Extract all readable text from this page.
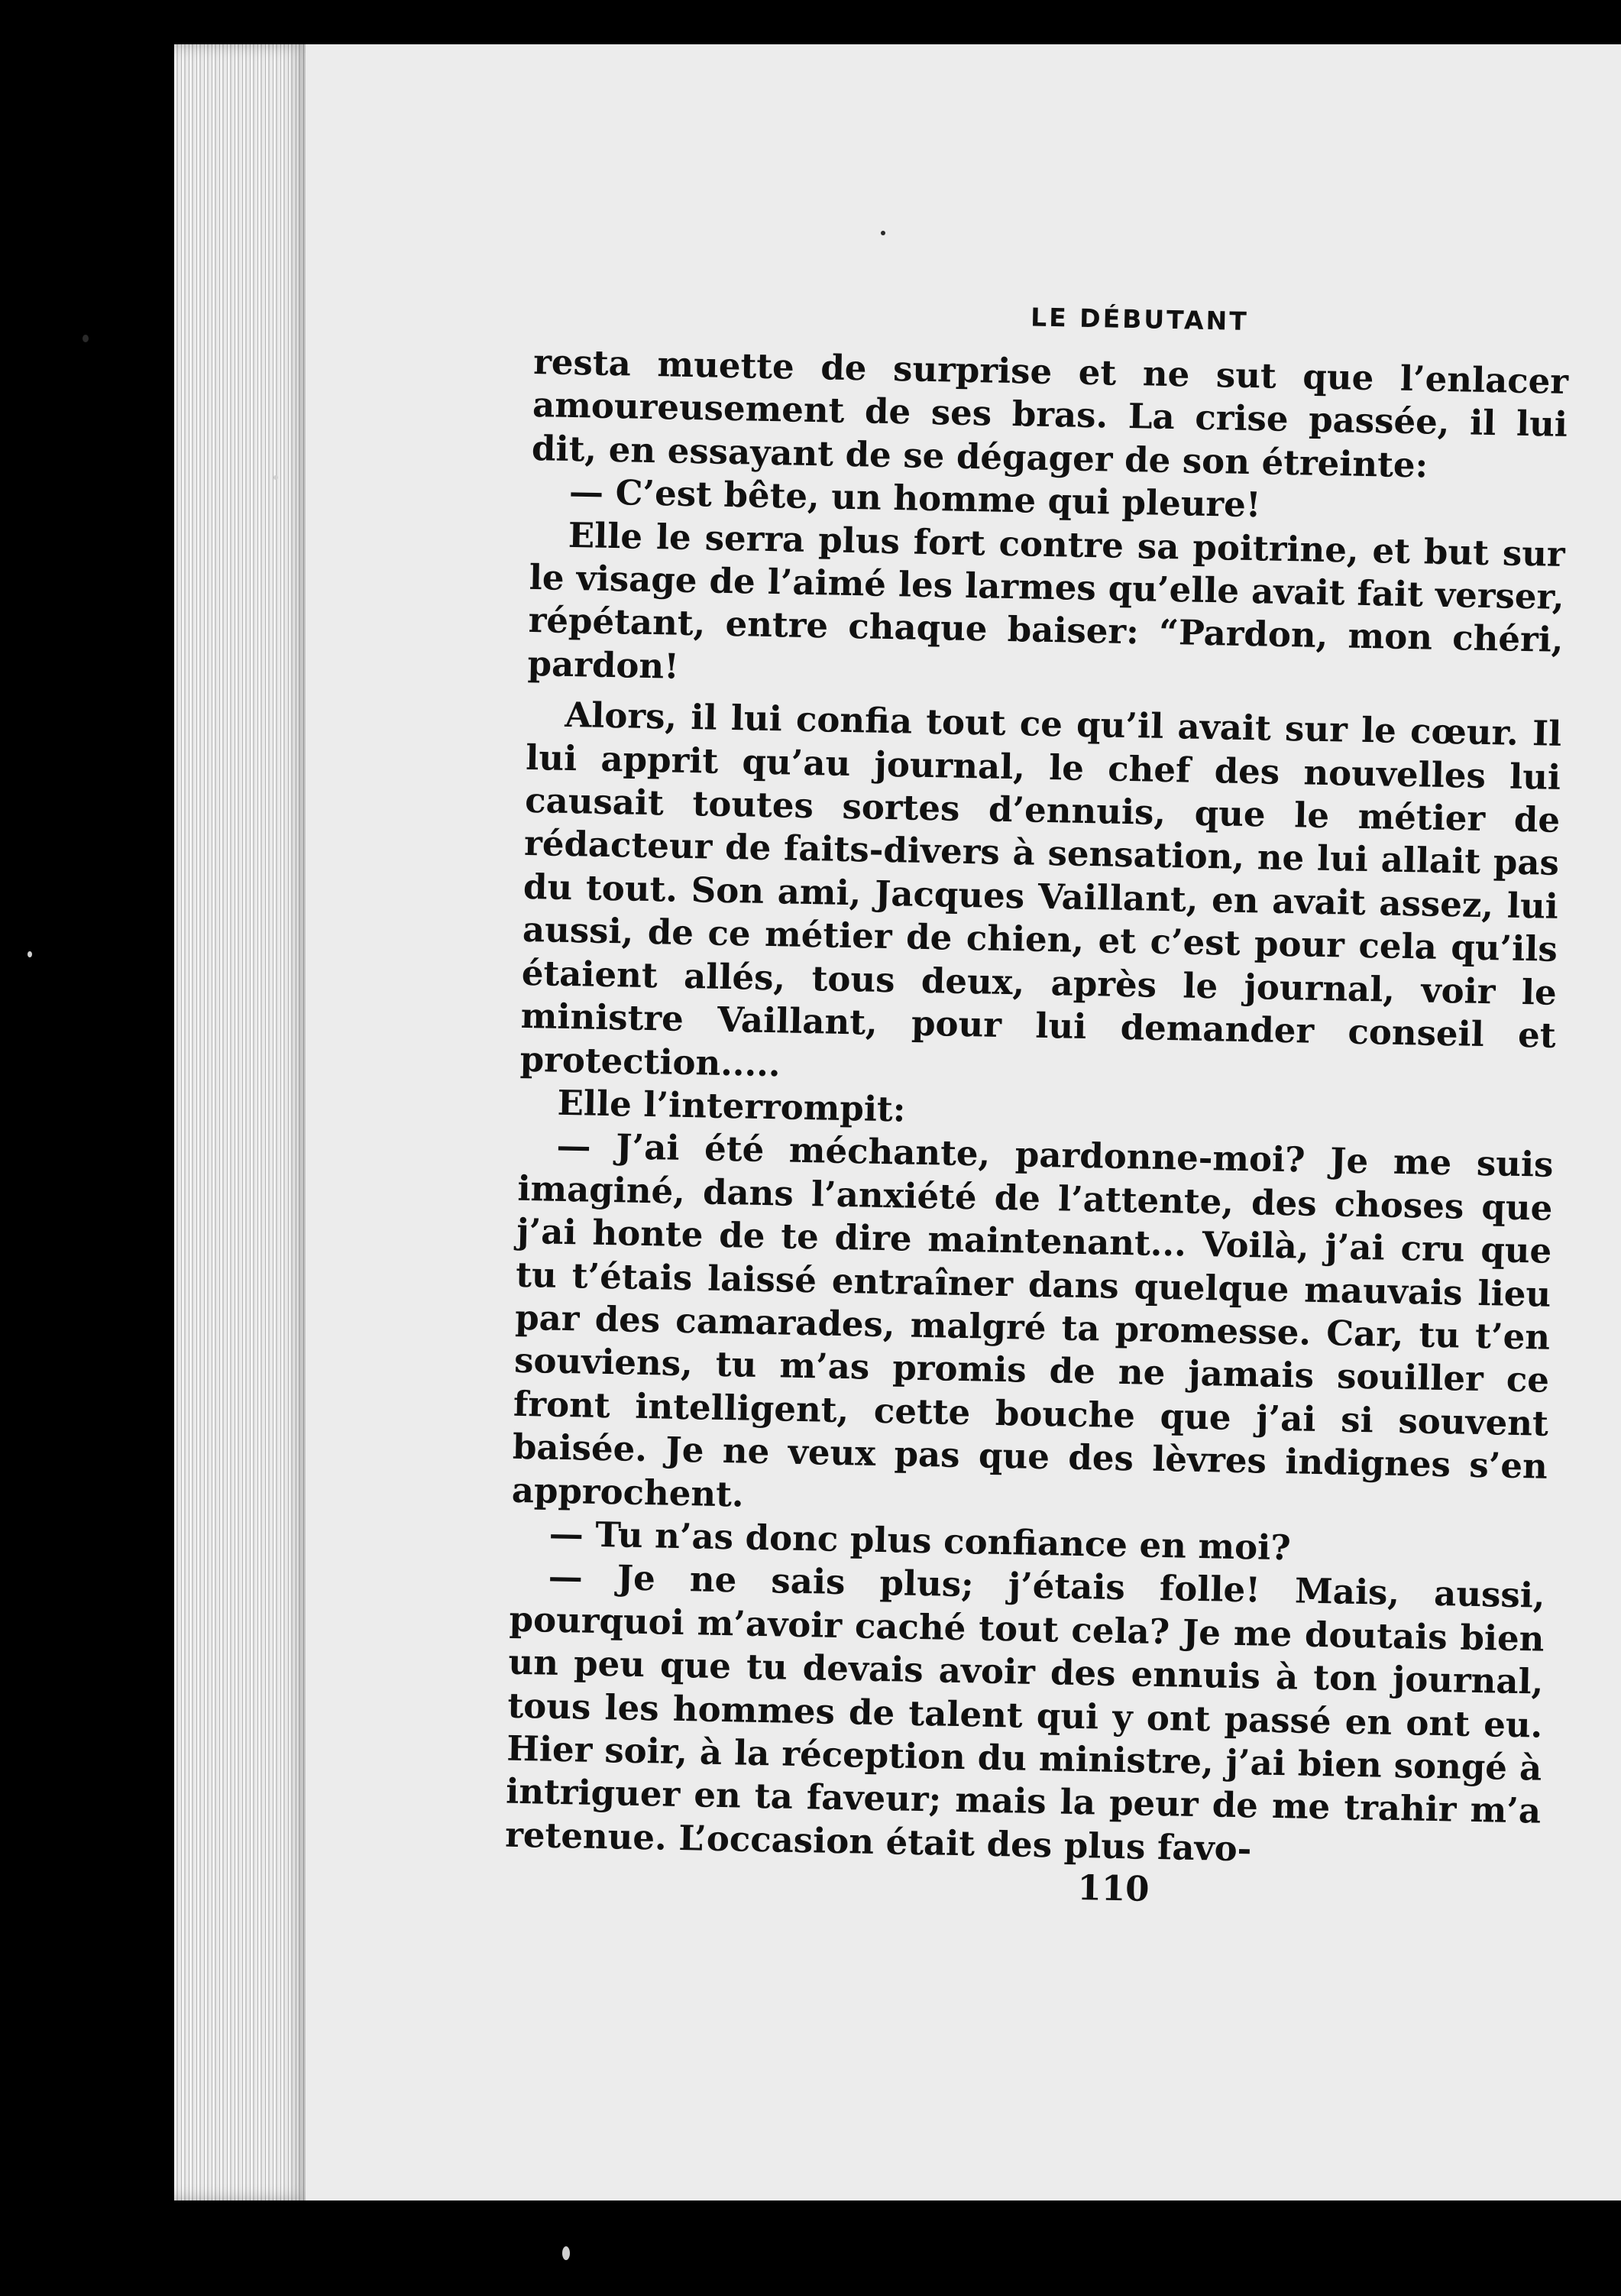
LE DÉBUTANT

resta muette de surprise et ne sut que l’enlacer amoureusement de ses bras. La crise passée, il lui dit, en essayant de se dégager de son étreinte:

— C’est bête, un homme qui pleure!

Elle le serra plus fort contre sa poitrine, et but sur le visage de l’aimé les larmes qu’elle avait fait verser, répétant, entre chaque baiser: “Pardon, mon chéri, pardon!

Alors, il lui confia tout ce qu’il avait sur le cœur. Il lui apprit qu’au journal, le chef des nouvelles lui causait toutes sortes d’ennuis, que le métier de rédacteur de faits-divers à sensation, ne lui allait pas du tout. Son ami, Jacques Vaillant, en avait assez, lui aussi, de ce métier de chien, et c’est pour cela qu’ils étaient allés, tous deux, après le journal, voir le ministre Vaillant, pour lui demander conseil et protection.....

Elle l’interrompit:

— J’ai été méchante, pardonne-moi? Je me suis imaginé, dans l’anxiété de l’attente, des choses que j’ai honte de te dire maintenant... Voilà, j’ai cru que tu t’étais laissé entraîner dans quelque mauvais lieu par des camarades, malgré ta promesse. Car, tu t’en souviens, tu m’as promis de ne jamais souiller ce front intelligent, cette bouche que j’ai si souvent baisée. Je ne veux pas que des lèvres indignes s’en approchent.

— Tu n’as donc plus confiance en moi?

— Je ne sais plus; j’étais folle! Mais, aussi, pourquoi m’avoir caché tout cela? Je me doutais bien un peu que tu devais avoir des ennuis à ton journal, tous les hommes de talent qui y ont passé en ont eu. Hier soir, à la réception du ministre, j’ai bien songé à intriguer en ta faveur; mais la peur de me trahir m’a retenue. L’occasion était des plus favo-

110
